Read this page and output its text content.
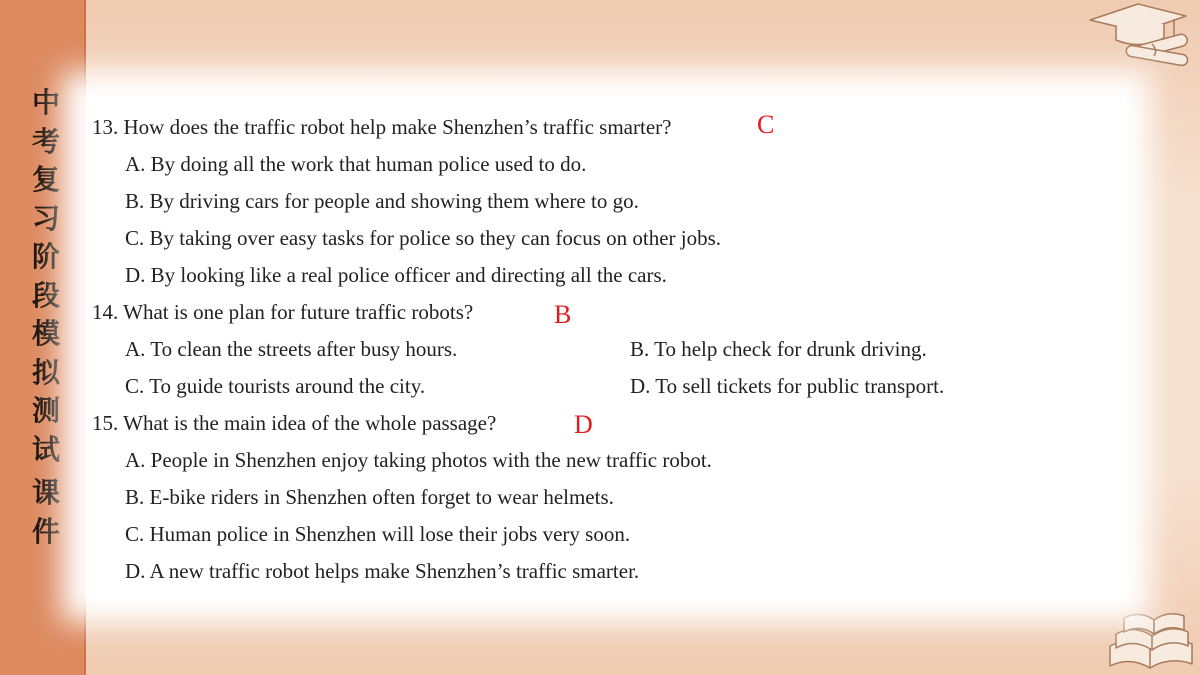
中
考
复
习
阶
段
模
拟
测
试
课
件
13. How does the traffic robot help make Shenzhen’s traffic smarter?	C
A. By doing all the work that human police used to do.
B. By driving cars for people and showing them where to go.
C. By taking over easy tasks for police so they can focus on other jobs.
D. By looking like a real police officer and directing all the cars.
14. What is one plan for future traffic robots?	B
A. To clean the streets after busy hours.	B. To help check for drunk driving.
C. To guide tourists around the city.	D. To sell tickets for public transport.
15. What is the main idea of the whole passage?	D
A. People in Shenzhen enjoy taking photos with the new traffic robot.
B. E-bike riders in Shenzhen often forget to wear helmets.
C. Human police in Shenzhen will lose their jobs very soon.
D. A new traffic robot helps make Shenzhen’s traffic smarter.
